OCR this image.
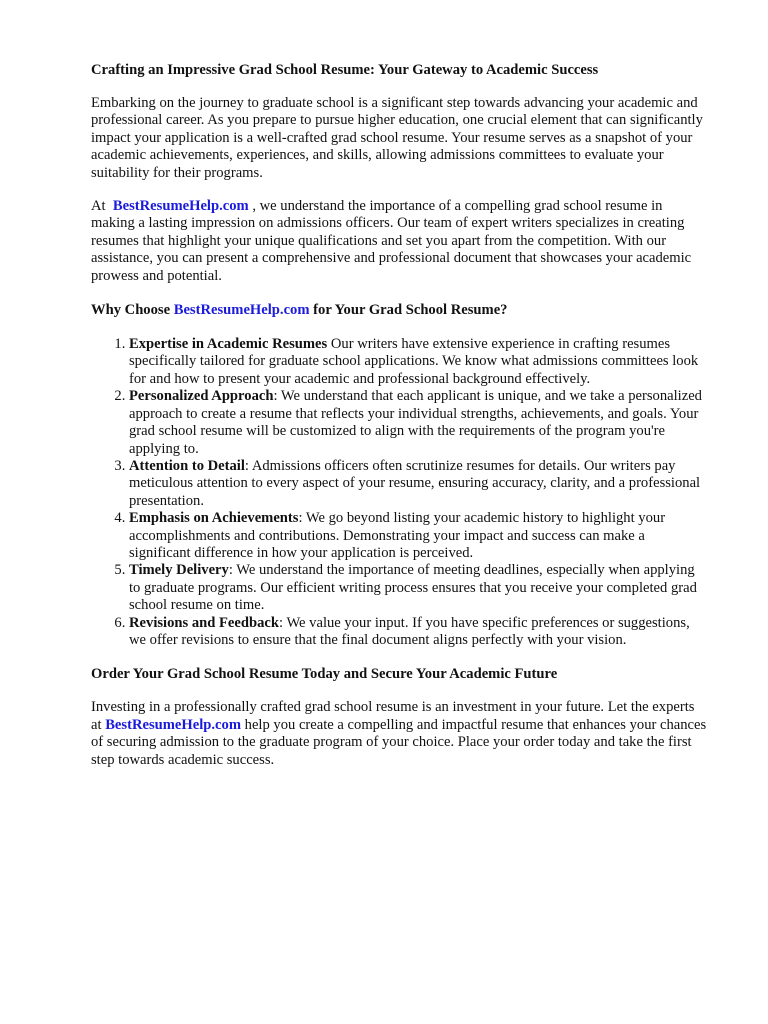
Crafting an Impressive Grad School Resume: Your Gateway to Academic Success

Embarking on the journey to graduate school is a significant step towards advancing your academic and professional career. As you prepare to pursue higher education, one crucial element that can significantly impact your application is a well-crafted grad school resume. Your resume serves as a snapshot of your academic achievements, experiences, and skills, allowing admissions committees to evaluate your suitability for their programs.

At BestResumeHelp.com , we understand the importance of a compelling grad school resume in making a lasting impression on admissions officers. Our team of expert writers specializes in creating resumes that highlight your unique qualifications and set you apart from the competition. With our assistance, you can present a comprehensive and professional document that showcases your academic prowess and potential.

Why Choose BestResumeHelp.com for Your Grad School Resume?

1. Expertise in Academic Resumes Our writers have extensive experience in crafting resumes specifically tailored for graduate school applications. We know what admissions committees look for and how to present your academic and professional background effectively.
2. Personalized Approach: We understand that each applicant is unique, and we take a personalized approach to create a resume that reflects your individual strengths, achievements, and goals. Your grad school resume will be customized to align with the requirements of the program you're applying to.
3. Attention to Detail: Admissions officers often scrutinize resumes for details. Our writers pay meticulous attention to every aspect of your resume, ensuring accuracy, clarity, and a professional presentation.
4. Emphasis on Achievements: We go beyond listing your academic history to highlight your accomplishments and contributions. Demonstrating your impact and success can make a significant difference in how your application is perceived.
5. Timely Delivery: We understand the importance of meeting deadlines, especially when applying to graduate programs. Our efficient writing process ensures that you receive your completed grad school resume on time.
6. Revisions and Feedback: We value your input. If you have specific preferences or suggestions, we offer revisions to ensure that the final document aligns perfectly with your vision.

Order Your Grad School Resume Today and Secure Your Academic Future

Investing in a professionally crafted grad school resume is an investment in your future. Let the experts at BestResumeHelp.com help you create a compelling and impactful resume that enhances your chances of securing admission to the graduate program of your choice. Place your order today and take the first step towards academic success.
